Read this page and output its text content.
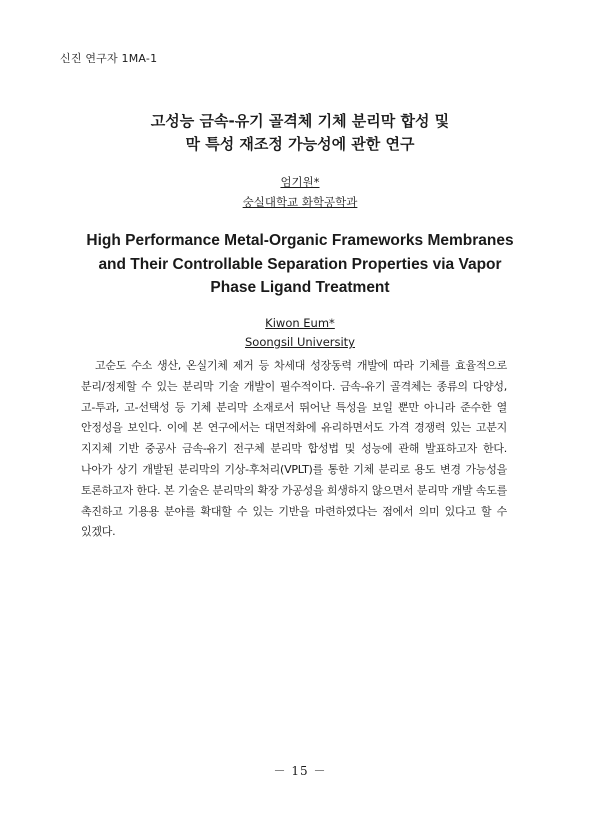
신진 연구자 1MA-1
고성능 금속-유기 골격체 기체 분리막 합성 및
막 특성 재조정 가능성에 관한 연구
엄기원*
숭실대학교 화학공학과
High Performance Metal-Organic Frameworks Membranes
and Their Controllable Separation Properties via Vapor
Phase Ligand Treatment
Kiwon Eum*
Soongsil University
고순도 수소 생산, 온실기체 제거 등 차세대 성장동력 개발에 따라 기체를 효율적으로 분리/정제할 수 있는 분리막 기술 개발이 필수적이다. 금속-유기 골격체는 종류의 다양성, 고-투과, 고-선택성 등 기체 분리막 소재로서 뛰어난 특성을 보일 뿐만 아니라 준수한 열 안정성을 보인다. 이에 본 연구에서는 대면적화에 유리하면서도 가격 경쟁력 있는 고분지 지지체 기반 중공사 금속-유기 전구체 분리막 합성법 및 성능에 관해 발표하고자 한다. 나아가 상기 개발된 분리막의 기상-후처리(VPLT)를 통한 기체 분리로 용도 변경 가능성을 토론하고자 한다. 본 기술은 분리막의 확장 가공성을 희생하지 않으면서 분리막 개발 속도를 촉진하고 기용용 분야를 확대할 수 있는 기반을 마련하였다는 점에서 의미 있다고 할 수 있겠다.
－ 15 －
